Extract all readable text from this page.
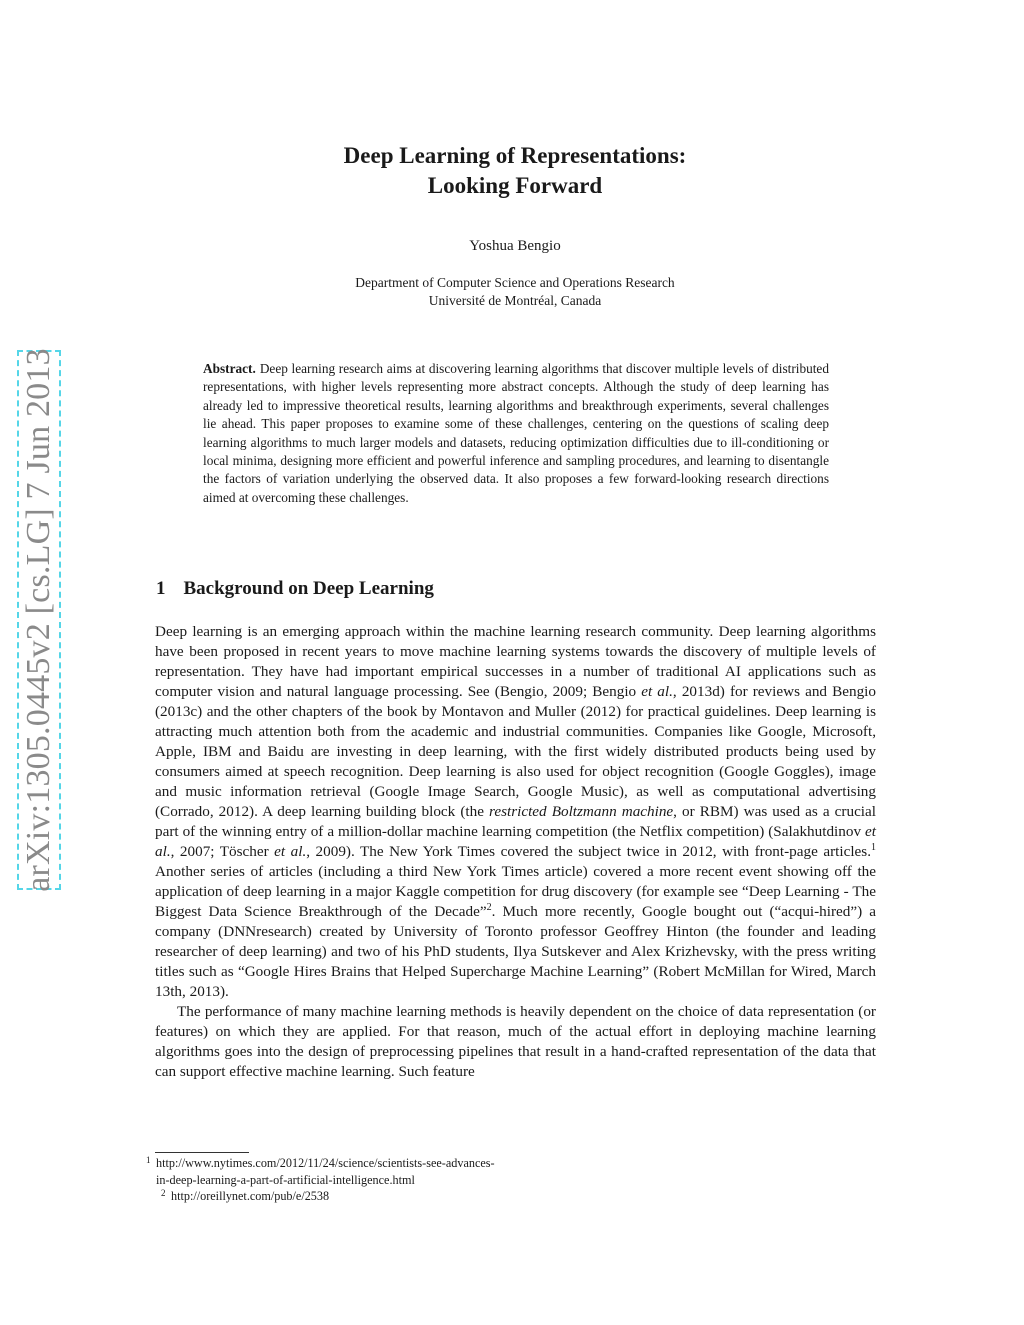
arXiv:1305.0445v2 [cs.LG] 7 Jun 2013
Deep Learning of Representations:
Looking Forward
Yoshua Bengio
Department of Computer Science and Operations Research
Université de Montréal, Canada
Abstract. Deep learning research aims at discovering learning algorithms that discover multiple levels of distributed representations, with higher levels representing more abstract concepts. Although the study of deep learning has already led to impressive theoretical results, learning algorithms and breakthrough experiments, several challenges lie ahead. This paper proposes to examine some of these challenges, centering on the questions of scaling deep learning algorithms to much larger models and datasets, reducing optimization difficulties due to ill-conditioning or local minima, designing more efficient and powerful inference and sampling procedures, and learning to disentangle the factors of variation underlying the observed data. It also proposes a few forward-looking research directions aimed at overcoming these challenges.
1 Background on Deep Learning

Deep learning is an emerging approach within the machine learning research community. Deep learning algorithms have been proposed in recent years to move machine learning systems towards the discovery of multiple levels of representation. They have had important empirical successes in a number of traditional AI applications such as computer vision and natural language processing. See (Bengio, 2009; Bengio et al., 2013d) for reviews and Bengio (2013c) and the other chapters of the book by Montavon and Muller (2012) for practical guidelines. Deep learning is attracting much attention both from the academic and industrial communities. Companies like Google, Microsoft, Apple, IBM and Baidu are investing in deep learning, with the first widely distributed products being used by consumers aimed at speech recognition. Deep learning is also used for object recognition (Google Goggles), image and music information retrieval (Google Image Search, Google Music), as well as computational advertising (Corrado, 2012). A deep learning building block (the restricted Boltzmann machine, or RBM) was used as a crucial part of the winning entry of a million-dollar machine learning competition (the Netflix competition) (Salakhutdinov et al., 2007; Töscher et al., 2009). The New York Times covered the subject twice in 2012, with front-page articles.$^1$ Another series of articles (including a third New York Times article) covered a more recent event showing off the application of deep learning in a major Kaggle competition for drug discovery (for example see “Deep Learning - The Biggest Data Science Breakthrough of the Decade”$^2$. Much more recently, Google bought out (“acqui-hired”) a company (DNNresearch) created by University of Toronto professor Geoffrey Hinton (the founder and leading researcher of deep learning) and two of his PhD students, Ilya Sutskever and Alex Krizhevsky, with the press writing titles such as “Google Hires Brains that Helped Supercharge Machine Learning” (Robert McMillan for Wired, March 13th, 2013).

The performance of many machine learning methods is heavily dependent on the choice of data representation (or features) on which they are applied. For that reason, much of the actual effort in deploying machine learning algorithms goes into the design of preprocessing pipelines that result in a hand-crafted representation of the data that can support effective machine learning. Such feature

1 http://www.nytimes.com/2012/11/24/science/scientists-see-advances-
in-deep-learning-a-part-of-artificial-intelligence.html
2 http://oreillynet.com/pub/e/2538
